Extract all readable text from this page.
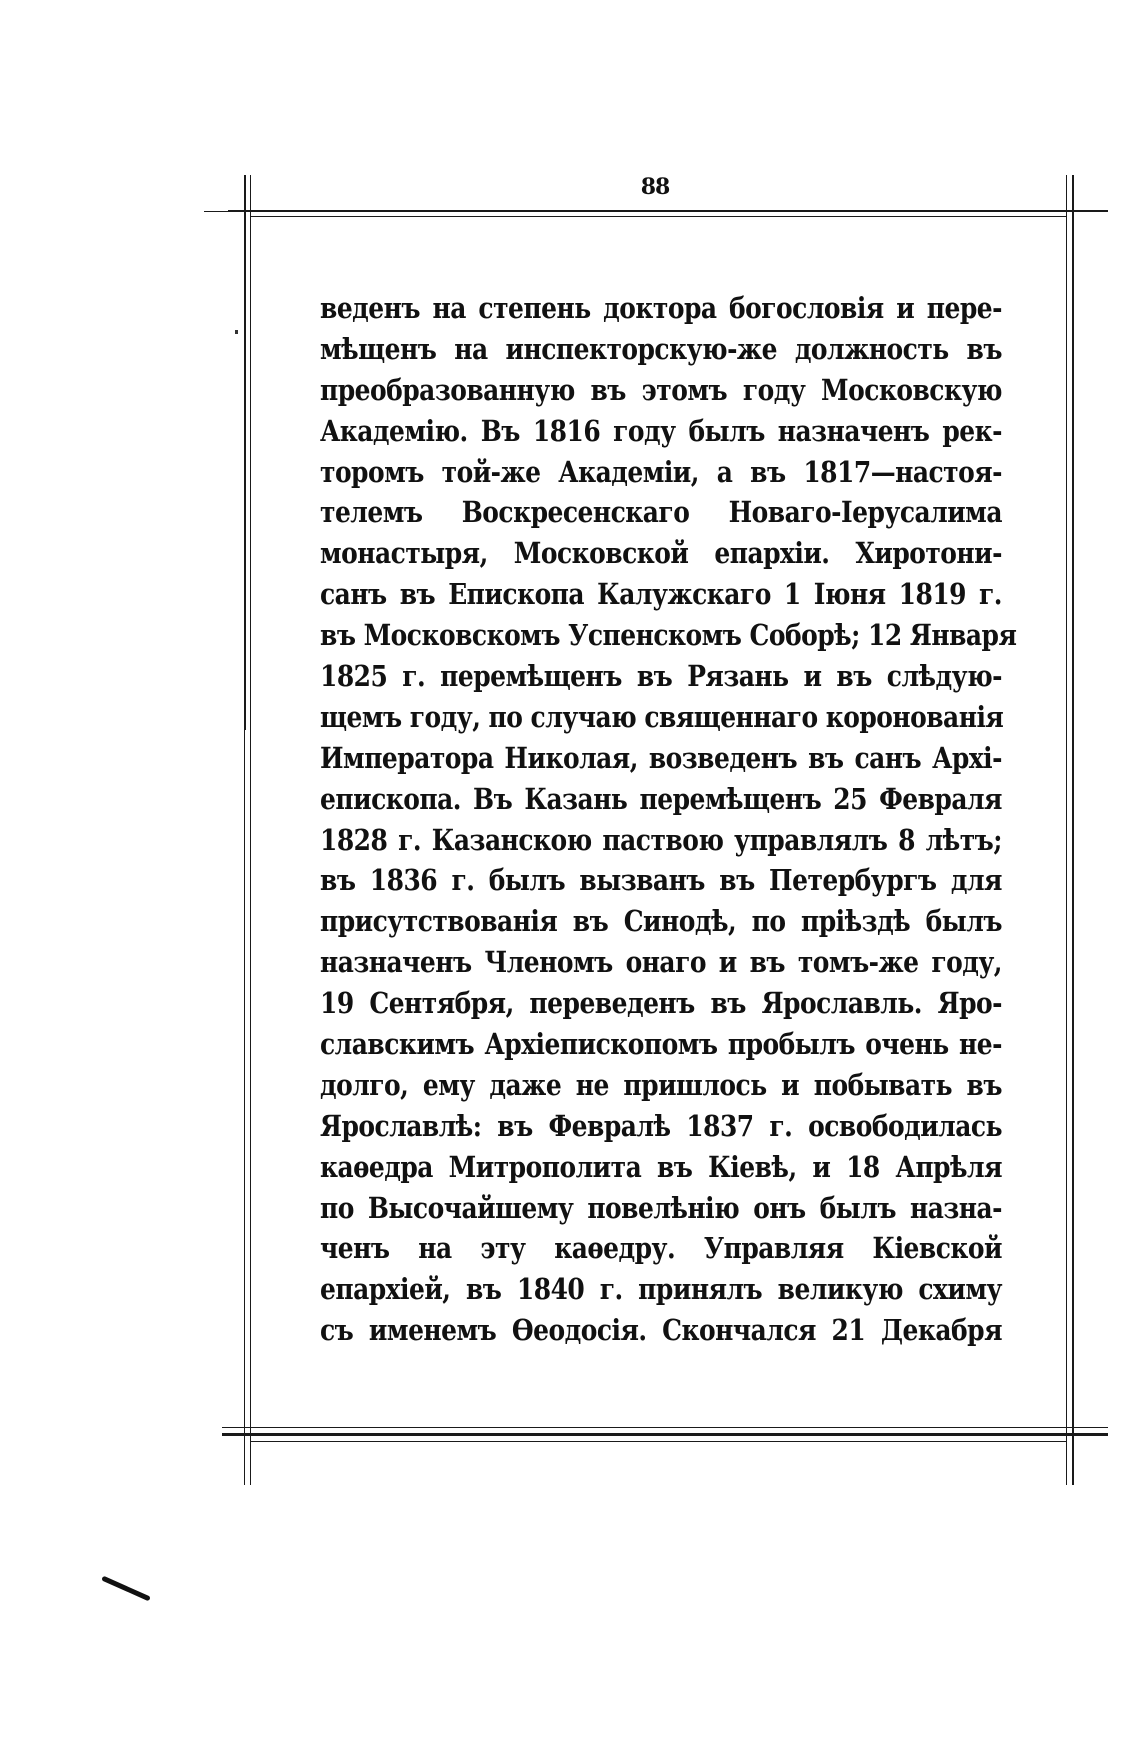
88
веденъ на степень доктора богословія и пере-
мѣщенъ на инспекторскую-же должность въ
преобразованную въ этомъ году Московскую
Академію. Въ 1816 году былъ назначенъ рек-
торомъ той-же Академіи, а въ 1817—настоя-
телемъ Воскресенскаго Новаго-Іерусалима
монастыря, Московской епархіи. Хиротони-
санъ въ Епископа Калужскаго 1 Іюня 1819 г.
въ Московскомъ Успенскомъ Соборѣ; 12 Января
1825 г. перемѣщенъ въ Рязань и въ слѣдую-
щемъ году, по случаю священнаго коронованія
Императора Николая, возведенъ въ санъ Архі-
епископа. Въ Казань перемѣщенъ 25 Февраля
1828 г. Казанскою паствою управлялъ 8 лѣтъ;
въ 1836 г. былъ вызванъ въ Петербургъ для
присутствованія въ Синодѣ, по пріѣздѣ былъ
назначенъ Членомъ онаго и въ томъ-же году,
19 Сентября, переведенъ въ Ярославль. Яро-
славскимъ Архіепископомъ пробылъ очень не-
долго, ему даже не пришлось и побывать въ
Ярославлѣ: въ Февралѣ 1837 г. освободилась
каѳедра Митрополита въ Кіевѣ, и 18 Апрѣля
по Высочайшему повелѣнію онъ былъ назна-
ченъ на эту каѳедру. Управляя Кіевской
епархіей, въ 1840 г. принялъ великую схиму
съ именемъ Ѳеодосія. Скончался 21 Декабря
